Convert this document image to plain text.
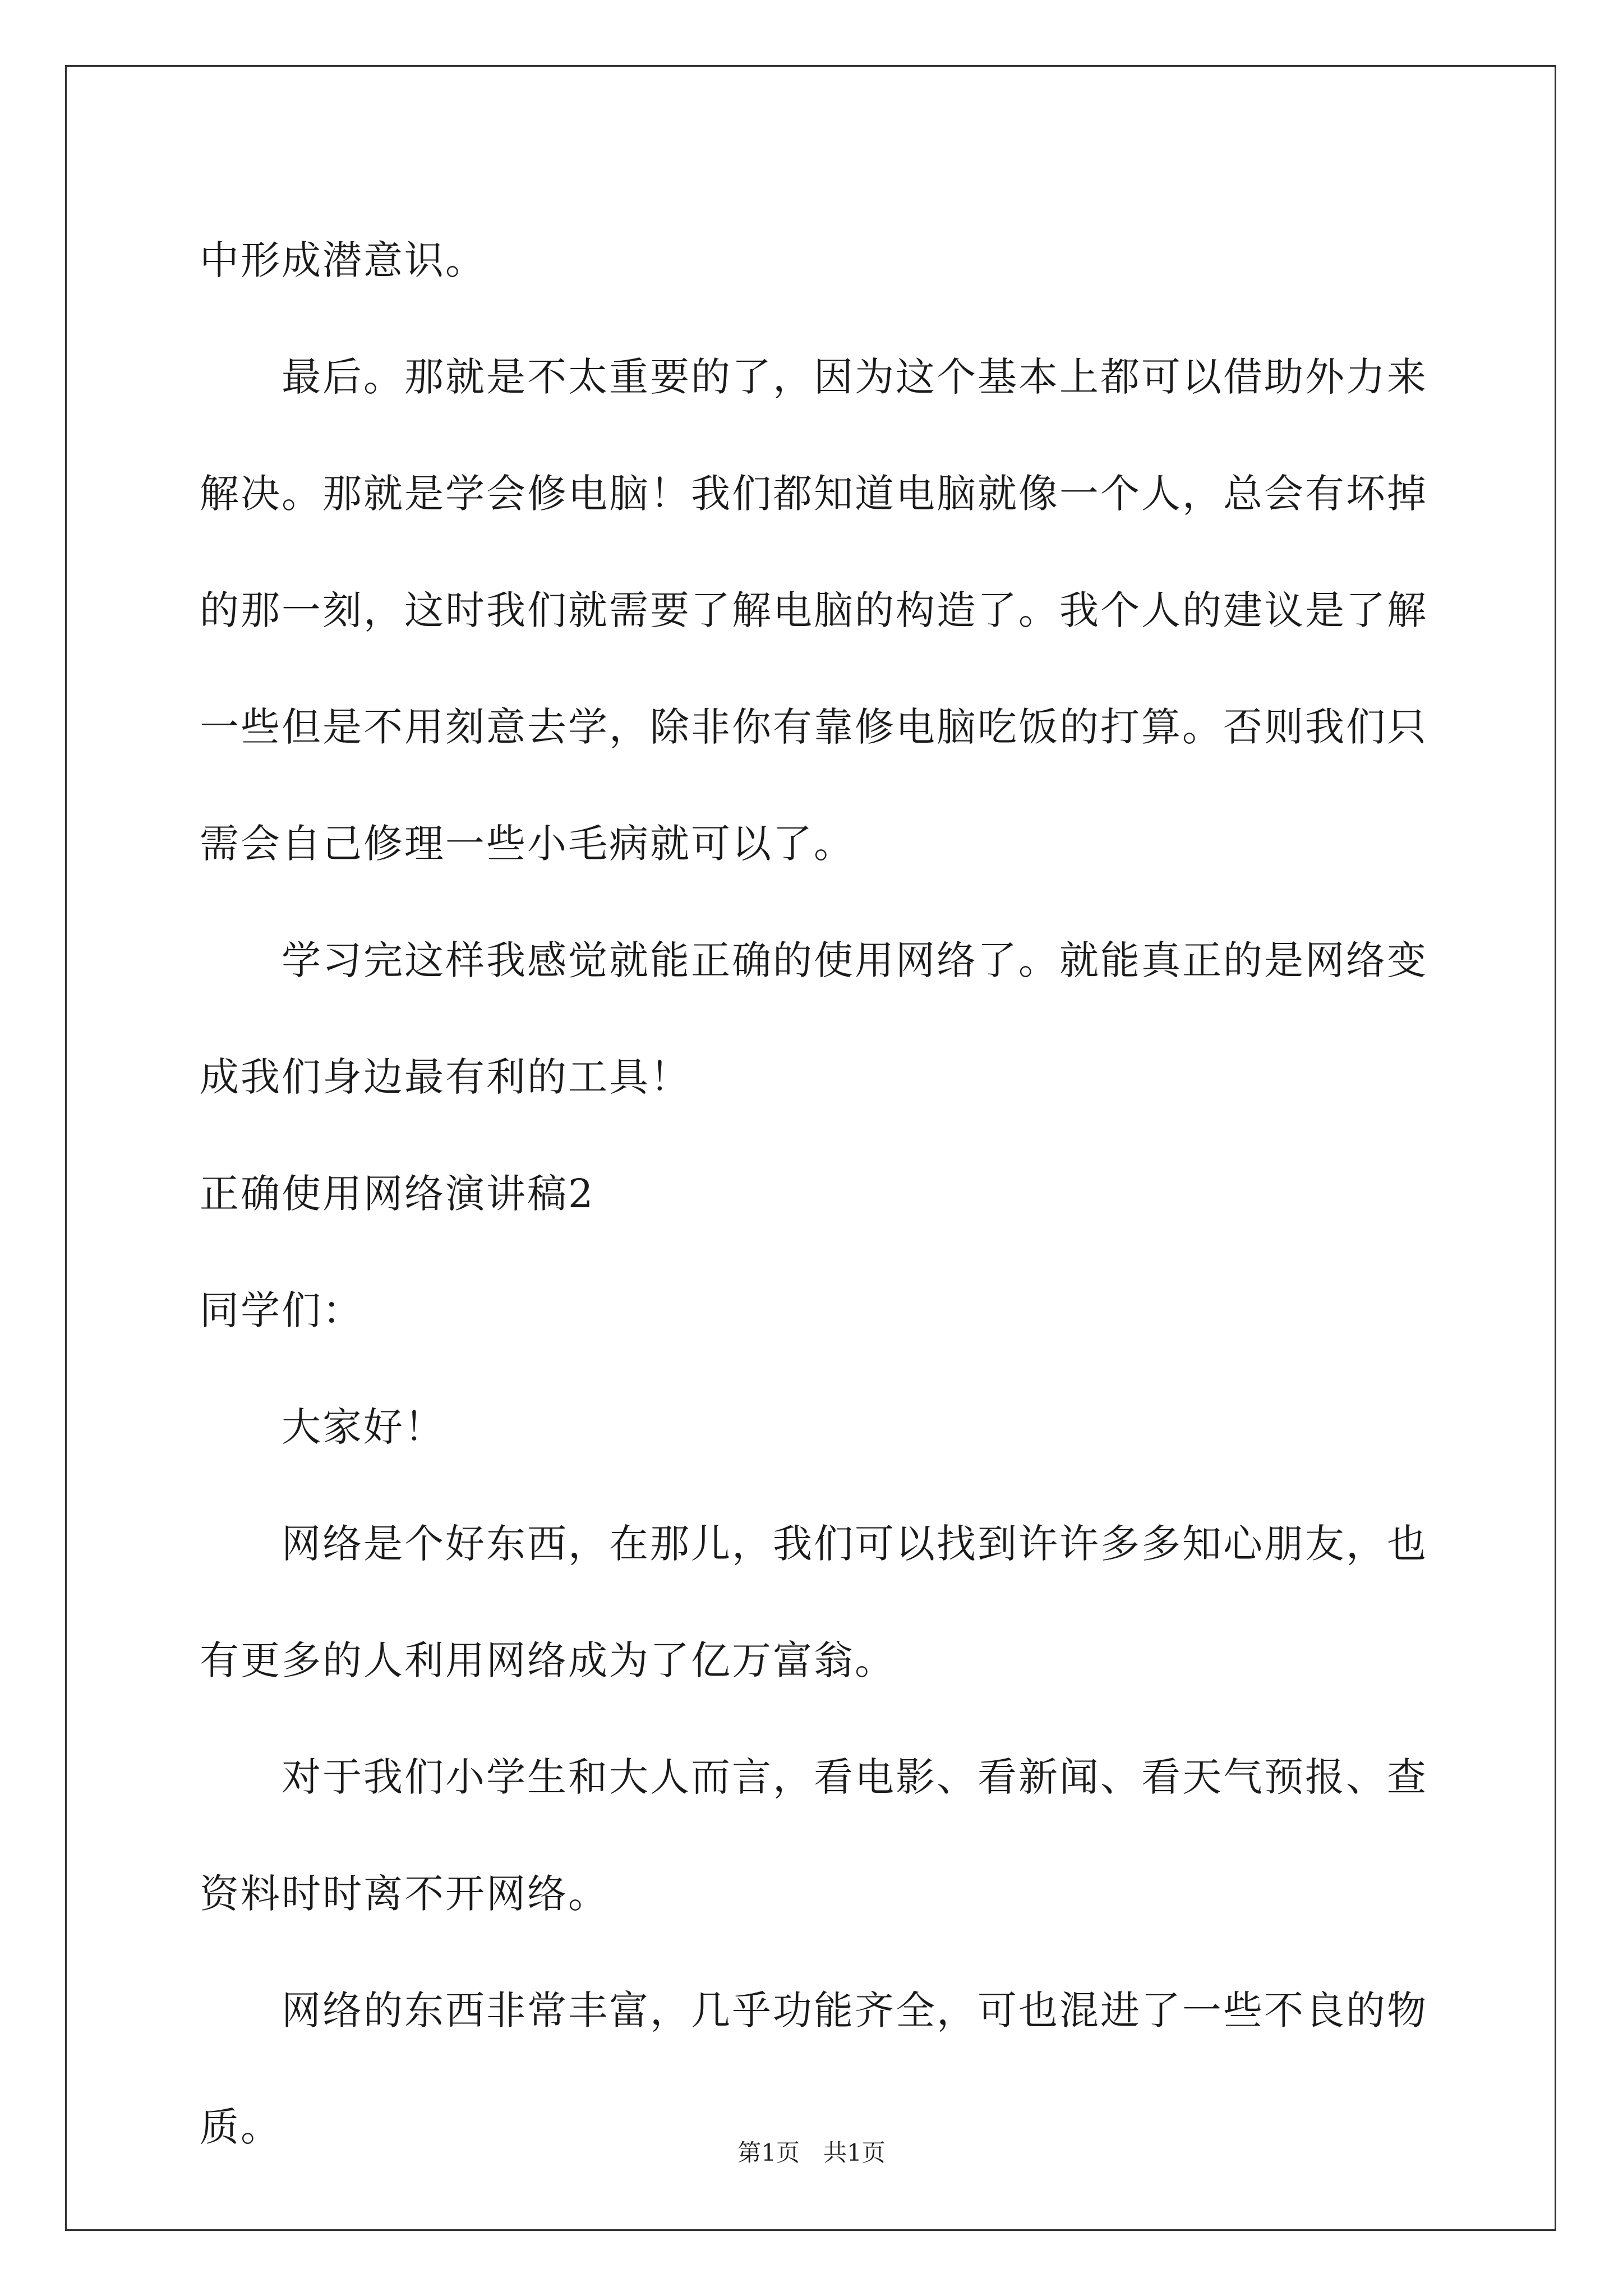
中形成潜意识。
最后。那就是不太重要的了，因为这个基本上都可以借助外力来
解决。那就是学会修电脑！我们都知道电脑就像一个人，总会有坏掉
的那一刻，这时我们就需要了解电脑的构造了。我个人的建议是了解
一些但是不用刻意去学，除非你有靠修电脑吃饭的打算。否则我们只
需会自己修理一些小毛病就可以了。
学习完这样我感觉就能正确的使用网络了。就能真正的是网络变
成我们身边最有利的工具！
正确使用网络演讲稿2
同学们：
大家好！
网络是个好东西，在那儿，我们可以找到许许多多知心朋友，也
有更多的人利用网络成为了亿万富翁。
对于我们小学生和大人而言，看电影、看新闻、看天气预报、查
资料时时离不开网络。
网络的东西非常丰富，几乎功能齐全，可也混进了一些不良的物
质。
第1页　共1页
